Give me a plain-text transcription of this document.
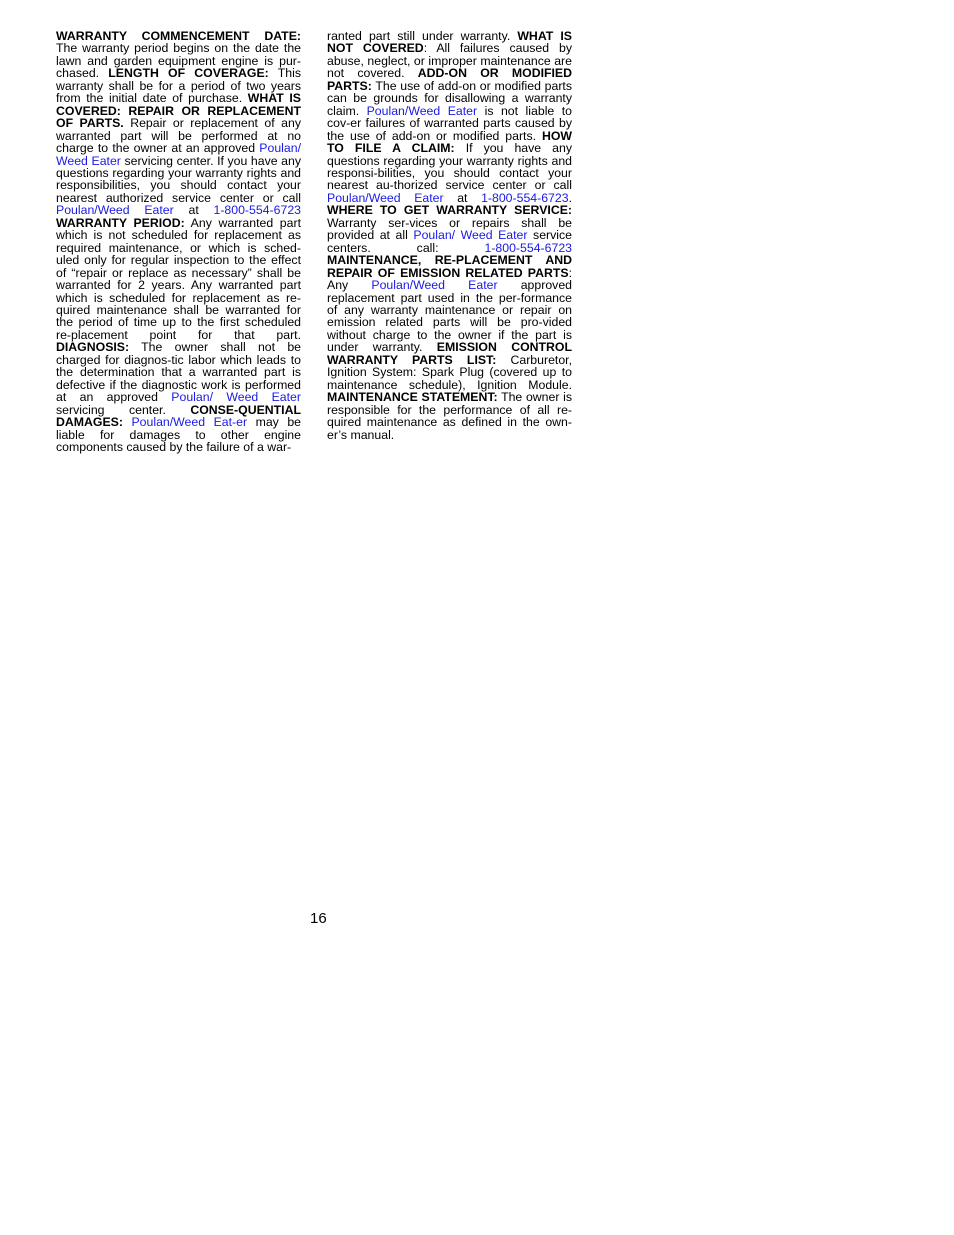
WARRANTY COMMENCEMENT DATE: The warranty period begins on the date the lawn and garden equipment engine is pur-chased. LENGTH OF COVERAGE: This warranty shall be for a period of two years from the initial date of purchase. WHAT IS COVERED: REPAIR OR REPLACEMENT OF PARTS. Repair or replacement of any warranted part will be performed at no charge to the owner at an approved Poulan/ Weed Eater servicing center. If you have any questions regarding your warranty rights and responsibilities, you should contact your nearest authorized service center or call Poulan/Weed Eater at 1-800-554-6723 WARRANTY PERIOD: Any warranted part which is not scheduled for replacement as required maintenance, or which is sched-uled only for regular inspection to the effect of “repair or replace as necessary” shall be warranted for 2 years. Any warranted part which is scheduled for replacement as re-quired maintenance shall be warranted for the period of time up to the first scheduled re-placement point for that part. DIAGNOSIS: The owner shall not be charged for diagnos-tic labor which leads to the determination that a warranted part is defective if the diagnostic work is performed at an approved Poulan/ Weed Eater servicing center. CONSE-QUENTIAL DAMAGES: Poulan/Weed Eat-er may be liable for damages to other engine components caused by the failure of a war-

ranted part still under warranty. WHAT IS NOT COVERED: All failures caused by abuse, neglect, or improper maintenance are not covered. ADD-ON OR MODIFIED PARTS: The use of add-on or modified parts can be grounds for disallowing a warranty claim. Poulan/Weed Eater is not liable to cov-er failures of warranted parts caused by the use of add-on or modified parts. HOW TO FILE A CLAIM: If you have any questions regarding your warranty rights and responsi-bilities, you should contact your nearest au-thorized service center or call Poulan/Weed Eater at 1-800-554-6723. WHERE TO GET WARRANTY SERVICE: Warranty ser-vices or repairs shall be provided at all Poulan/ Weed Eater service centers. call: 1-800-554-6723 MAINTENANCE, RE-PLACEMENT AND REPAIR OF EMISSION RELATED PARTS: Any Poulan/Weed Eater approved replacement part used in the per-formance of any warranty maintenance or repair on emission related parts will be pro-vided without charge to the owner if the part is under warranty. EMISSION CONTROL WARRANTY PARTS LIST: Carburetor, Ignition System: Spark Plug (covered up to maintenance schedule), Ignition Module. MAINTENANCE STATEMENT: The owner is responsible for the performance of all re-quired maintenance as defined in the own-er’s manual.

16
